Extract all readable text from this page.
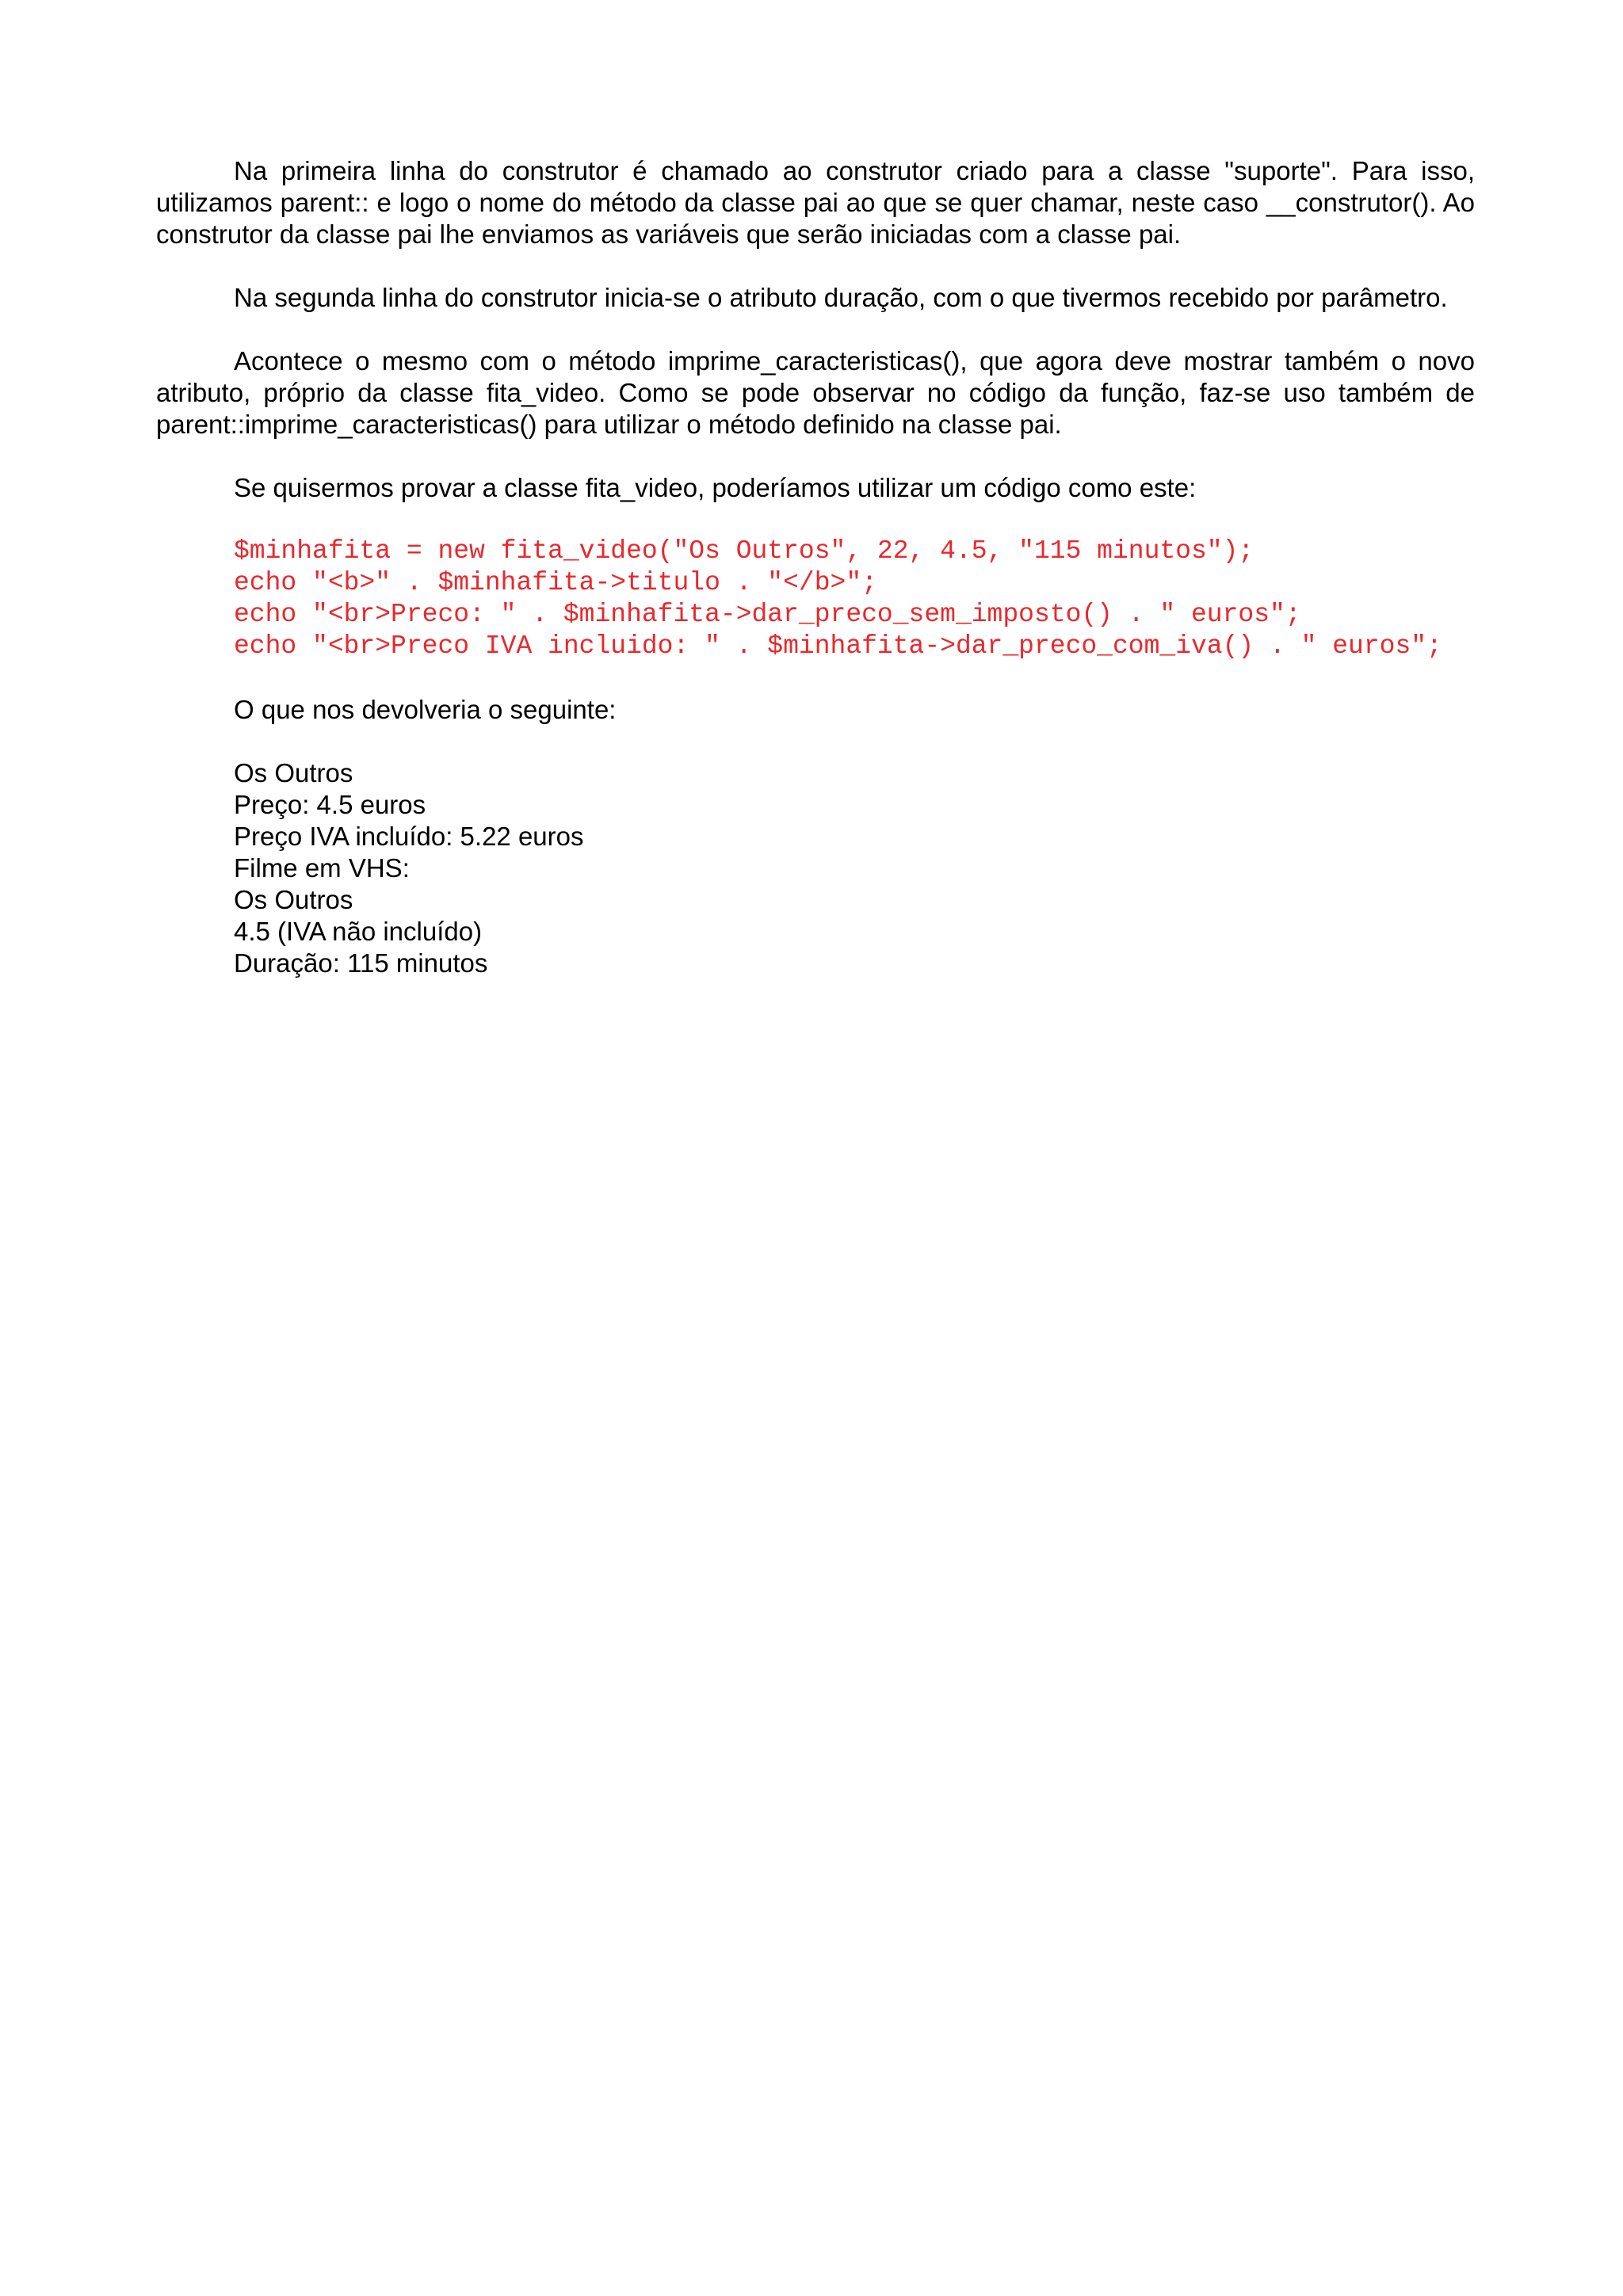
Na primeira linha do construtor é chamado ao construtor criado para a classe "suporte". Para isso, utilizamos parent:: e logo o nome do método da classe pai ao que se quer chamar, neste caso __construtor(). Ao construtor da classe pai lhe enviamos as variáveis que serão iniciadas com a classe pai.

Na segunda linha do construtor inicia-se o atributo duração, com o que tivermos recebido por parâmetro.

Acontece o mesmo com o método imprime_caracteristicas(), que agora deve mostrar também o novo atributo, próprio da classe fita_video. Como se pode observar no código da função, faz-se uso também de parent::imprime_caracteristicas() para utilizar o método definido na classe pai.

Se quisermos provar a classe fita_video, poderíamos utilizar um código como este:

$minhafita = new fita_video("Os Outros", 22, 4.5, "115 minutos");
echo "<b>" . $minhafita->titulo . "</b>";
echo "<br>Preco: " . $minhafita->dar_preco_sem_imposto() . " euros";
echo "<br>Preco IVA incluido: " . $minhafita->dar_preco_com_iva() . " euros";

O que nos devolveria o seguinte:

Os Outros
Preço: 4.5 euros
Preço IVA incluído: 5.22 euros
Filme em VHS:
Os Outros
4.5 (IVA não incluído)
Duração: 115 minutos
